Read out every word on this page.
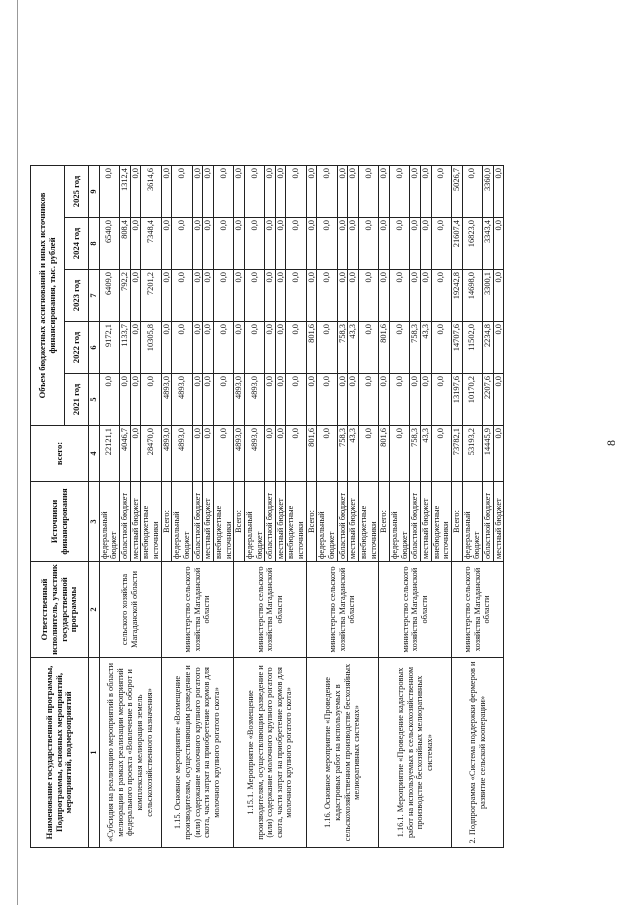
8
Наименование государственной программы, Подпрограммы, основных мероприятий, мероприятий, подмероприятий	Ответственный исполнитель, участник государственной программы	Источники финансирования	всего:	Объем бюджетных ассигнований и иных источников финансирования, тыс. рублей				
				2021 год	2022 год	2023 год	2024 год	2025 год
1	2	3	4	5	6	7	8	9
«Субсидия на реализацию мероприятий в области мелиорации в рамках реализации мероприятий федерального проекта «Вовлечение в оборот и комплексная мелиорация земель сельскохозяйственного назначения»	сельского хозяйства Магаданской области	федеральный бюджет	22121,1	0,0	9172,1	6409,0	6540,0	0,0
		областной бюджет	4046,7	0,0	1133,7	792,2	808,4	1312,4
		местный бюджет	0,0	0,0	0,0	0,0	0,0	0,0
		внебюджетные источники	28470,0	0,0	10305,8	7201,2	7348,4	3614,6
1.15. Основное мероприятие «Возмещение производителям, осуществляющим разведение и (или) содержание молочного крупного рогатого скота, части затрат на приобретение кормов для молочного крупного рогатого скота»	министерство сельского хозяйства Магаданской области	Всего:	4893,0	4893,0	0,0	0,0	0,0	0,0
		федеральный бюджет	4893,0	4893,0	0,0	0,0	0,0	0,0
		областной бюджет	0,0	0,0	0,0	0,0	0,0	0,0
		местный бюджет	0,0	0,0	0,0	0,0	0,0	0,0
		внебюджетные источники	0,0	0,0	0,0	0,0	0,0	0,0
1.15.1. Мероприятие «Возмещение производителям, осуществляющим разведение и (или) содержание молочного крупного рогатого скота, части затрат на приобретение кормов для молочного крупного рогатого скота»	министерство сельского хозяйства Магаданской области	Всего:	4893,0	4893,0	0,0	0,0	0,0	0,0
		федеральный бюджет	4893,0	4893,0	0,0	0,0	0,0	0,0
		областной бюджет	0,0	0,0	0,0	0,0	0,0	0,0
		местный бюджет	0,0	0,0	0,0	0,0	0,0	0,0
		внебюджетные источники	0,0	0,0	0,0	0,0	0,0	0,0
1.16. Основное мероприятие «Проведение кадастровых работ на используемых в сельскохозяйственном производстве бесхозяйных мелиоративных системах»	министерство сельского хозяйства Магаданской области	Всего:	801,6	0,0	801,6	0,0	0,0	0,0
		федеральный бюджет	0,0	0,0	0,0	0,0	0,0	0,0
		областной бюджет	758,3	0,0	758,3	0,0	0,0	0,0
		местный бюджет	43,3	0,0	43,3	0,0	0,0	0,0
		внебюджетные источники	0,0	0,0	0,0	0,0	0,0	0,0
1.16.1. Мероприятие «Проведение кадастровых работ на используемых в сельскохозяйственном производстве бесхозяйных мелиоративных системах»	министерство сельского хозяйства Магаданской области	Всего:	801,6	0,0	801,6	0,0	0,0	0,0
		федеральный бюджет	0,0	0,0	0,0	0,0	0,0	0,0
		областной бюджет	758,3	0,0	758,3	0,0	0,0	0,0
		местный бюджет	43,3	0,0	43,3	0,0	0,0	0,0
		внебюджетные источники	0,0	0,0	0,0	0,0	0,0	0,0
2. Подпрограмма «Система поддержки фермеров и развитие сельской кооперации»	министерство сельского хозяйства Магаданской области	Всего:	73782,1	13197,6	14707,6	19242,8	21607,4	5026,7
		федеральный бюджет	53193,2	10170,2	11502,0	14698,0	16823,0	0,0
		областной бюджет	14445,9	2207,6	2234,8	3300,1	3343,4	3360,0
		местный бюджет	0,0	0,0	0,0	0,0	0,0	0,0
